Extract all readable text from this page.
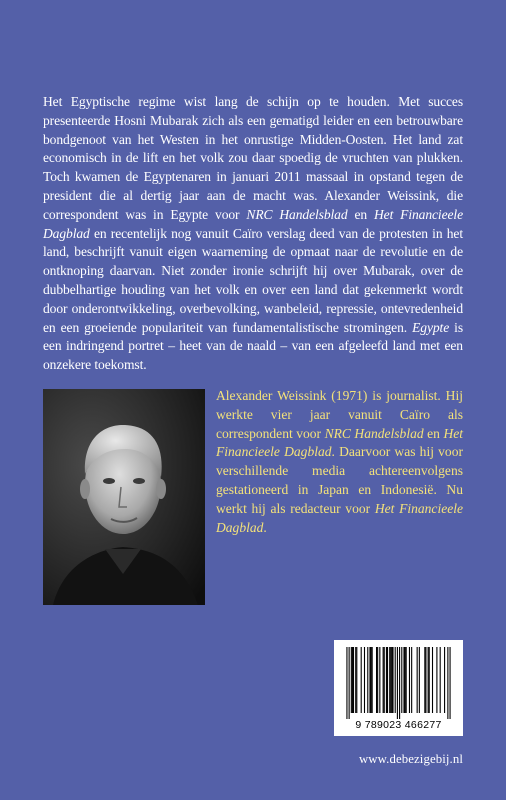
Het Egyptische regime wist lang de schijn op te houden. Met succes presenteerde Hosni Mubarak zich als een gematigd leider en een betrouwbare bondgenoot van het Westen in het onrustige Midden-Oosten. Het land zat economisch in de lift en het volk zou daar spoedig de vruchten van plukken. Toch kwamen de Egyptenaren in januari 2011 massaal in opstand tegen de president die al dertig jaar aan de macht was. Alexander Weissink, die correspondent was in Egypte voor NRC Handelsblad en Het Financieele Dagblad en recentelijk nog vanuit Caïro verslag deed van de protesten in het land, beschrijft vanuit eigen waarneming de opmaat naar de revolutie en de ontknoping daarvan. Niet zonder ironie schrijft hij over Mubarak, over de dubbelhartige houding van het volk en over een land dat gekenmerkt wordt door onderontwikkeling, overbevolking, wanbeleid, repressie, ontevredenheid en een groeiende populariteit van fundamentalistische stromingen. Egypte is een indringend portret – heet van de naald – van een afgeleefd land met een onzekere toekomst.
Alexander Weissink (1971) is journalist. Hij werkte vier jaar vanuit Caïro als correspondent voor NRC Handelsblad en Het Financieele Dagblad. Daarvoor was hij voor verschillende media achtereenvolgens gestationeerd in Japan en Indonesië. Nu werkt hij als redacteur voor Het Financieele Dagblad.
9 789023 466277
www.debezigebij.nl
